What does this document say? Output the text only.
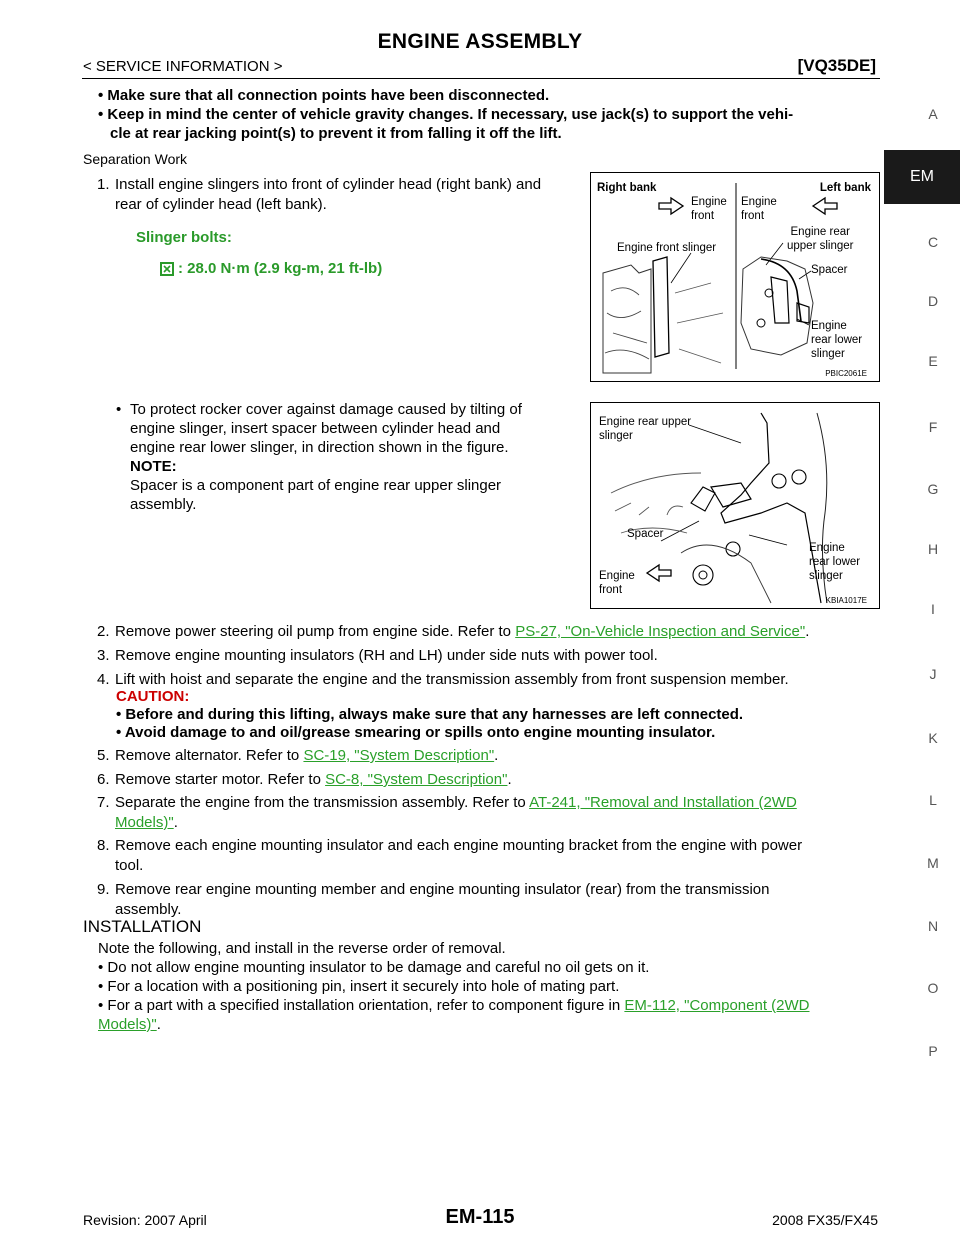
ENGINE ASSEMBLY
< SERVICE INFORMATION >	[VQ35DE]
A
EM
C
D
E
F
G
H
I
J
K
L
M
N
O
P
• Make sure that all connection points have been disconnected.
• Keep in mind the center of vehicle gravity changes. If necessary, use jack(s) to support the vehi-
cle at rear jacking point(s) to prevent it from falling it off the lift.
Separation Work
1. Install engine slingers into front of cylinder head (right bank) and
rear of cylinder head (left bank).
Slinger bolts:
: 28.0 N·m (2.9 kg-m, 21 ft-lb)
• To protect rocker cover against damage caused by tilting of
engine slinger, insert spacer between cylinder head and
engine rear lower slinger, in direction shown in the figure.
NOTE:
Spacer is a component part of engine rear upper slinger
assembly.
Right bank	Left bank
Engine
front
Engine
front
Engine front slinger
Engine rear
upper slinger
Spacer
Engine
rear lower
slinger
PBIC2061E
Engine rear upper
slinger
Spacer
Engine
front
Engine
rear lower
slinger
KBIA1017E
2. Remove power steering oil pump from engine side. Refer to PS-27, "On-Vehicle Inspection and Service".
3. Remove engine mounting insulators (RH and LH) under side nuts with power tool.
4. Lift with hoist and separate the engine and the transmission assembly from front suspension member.
CAUTION:
• Before and during this lifting, always make sure that any harnesses are left connected.
• Avoid damage to and oil/grease smearing or spills onto engine mounting insulator.
5. Remove alternator. Refer to SC-19, "System Description".
6. Remove starter motor. Refer to SC-8, "System Description".
7. Separate the engine from the transmission assembly. Refer to AT-241, "Removal and Installation (2WD
Models)".
8. Remove each engine mounting insulator and each engine mounting bracket from the engine with power
tool.
9. Remove rear engine mounting member and engine mounting insulator (rear) from the transmission
assembly.
INSTALLATION
Note the following, and install in the reverse order of removal.
• Do not allow engine mounting insulator to be damage and careful no oil gets on it.
• For a location with a positioning pin, insert it securely into hole of mating part.
• For a part with a specified installation orientation, refer to component figure in EM-112, "Component (2WD
Models)".
Revision: 2007 April	EM-115	2008 FX35/FX45
